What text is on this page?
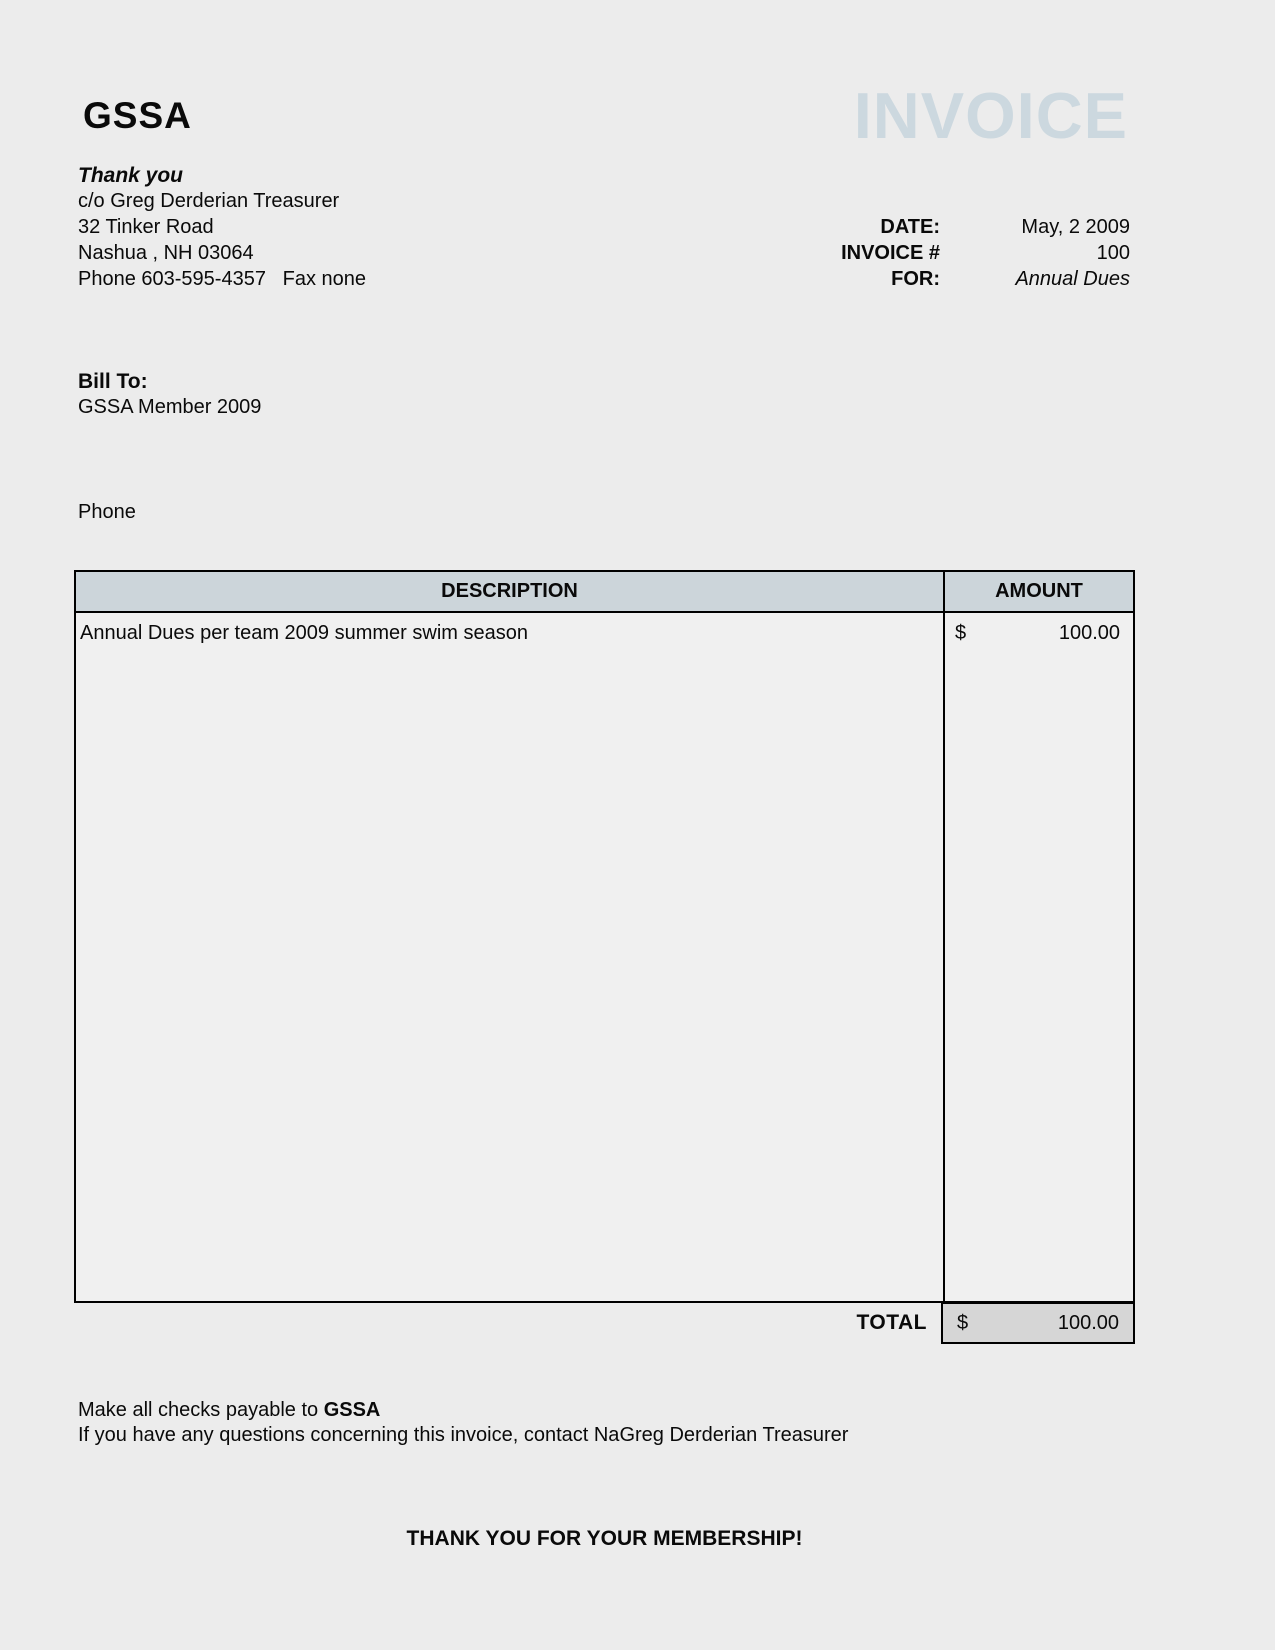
GSSA	INVOICE
Thank you
c/o Greg Derderian Treasurer
32 Tinker Road
Nashua , NH 03064
Phone 603-595-4357   Fax none
DATE:	May, 2 2009
INVOICE #	100
FOR:	Annual Dues
Bill To:
GSSA Member 2009
Phone
DESCRIPTION	AMOUNT
Annual Dues per team 2009 summer swim season	$	100.00
TOTAL $	100.00
Make all checks payable to GSSA
If you have any questions concerning this invoice, contact NaGreg Derderian Treasurer
THANK YOU FOR YOUR MEMBERSHIP!
